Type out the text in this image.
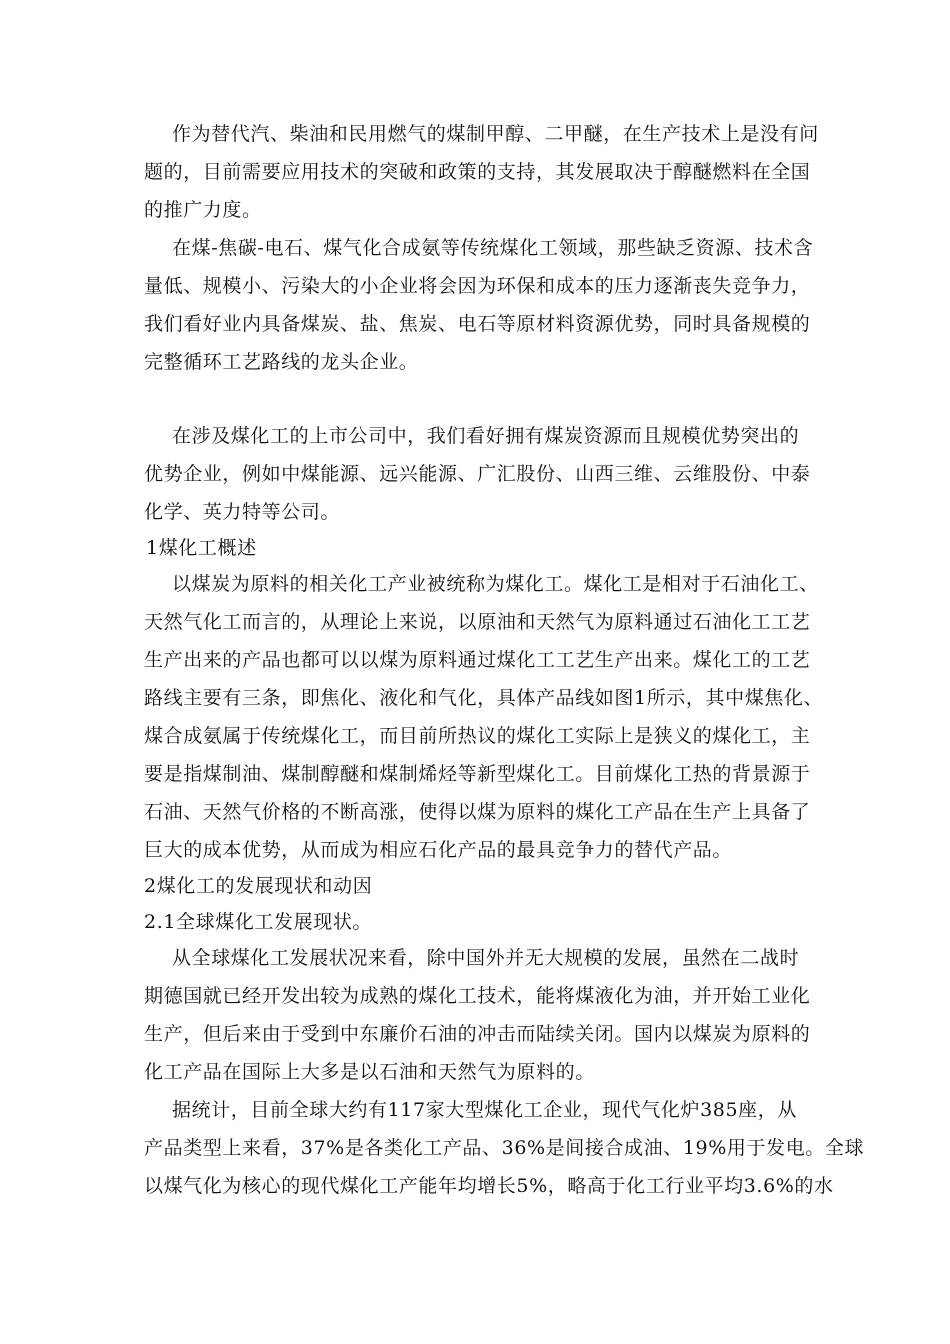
作为替代汽、柴油和民用燃气的煤制甲醇、二甲醚，在生产技术上是没有问
题的，目前需要应用技术的突破和政策的支持，其发展取决于醇醚燃料在全国
的推广力度。
在煤-焦碳-电石、煤气化合成氨等传统煤化工领域，那些缺乏资源、技术含
量低、规模小、污染大的小企业将会因为环保和成本的压力逐渐丧失竞争力，
我们看好业内具备煤炭、盐、焦炭、电石等原材料资源优势，同时具备规模的
完整循环工艺路线的龙头企业。
在涉及煤化工的上市公司中，我们看好拥有煤炭资源而且规模优势突出的
优势企业，例如中煤能源、远兴能源、广汇股份、山西三维、云维股份、中泰
化学、英力特等公司。
1煤化工概述
以煤炭为原料的相关化工产业被统称为煤化工。煤化工是相对于石油化工、
天然气化工而言的，从理论上来说，以原油和天然气为原料通过石油化工工艺
生产出来的产品也都可以以煤为原料通过煤化工工艺生产出来。煤化工的工艺
路线主要有三条，即焦化、液化和气化，具体产品线如图1所示，其中煤焦化、
煤合成氨属于传统煤化工，而目前所热议的煤化工实际上是狭义的煤化工，主
要是指煤制油、煤制醇醚和煤制烯烃等新型煤化工。目前煤化工热的背景源于
石油、天然气价格的不断高涨，使得以煤为原料的煤化工产品在生产上具备了
巨大的成本优势，从而成为相应石化产品的最具竞争力的替代产品。
2煤化工的发展现状和动因
2.1全球煤化工发展现状。
从全球煤化工发展状况来看，除中国外并无大规模的发展，虽然在二战时
期德国就已经开发出较为成熟的煤化工技术，能将煤液化为油，并开始工业化
生产，但后来由于受到中东廉价石油的冲击而陆续关闭。国内以煤炭为原料的
化工产品在国际上大多是以石油和天然气为原料的。
据统计，目前全球大约有117家大型煤化工企业，现代气化炉385座，从
产品类型上来看，37%是各类化工产品、36%是间接合成油、19%用于发电。全球
以煤气化为核心的现代煤化工产能年均增长5%，略高于化工行业平均3.6%的水
